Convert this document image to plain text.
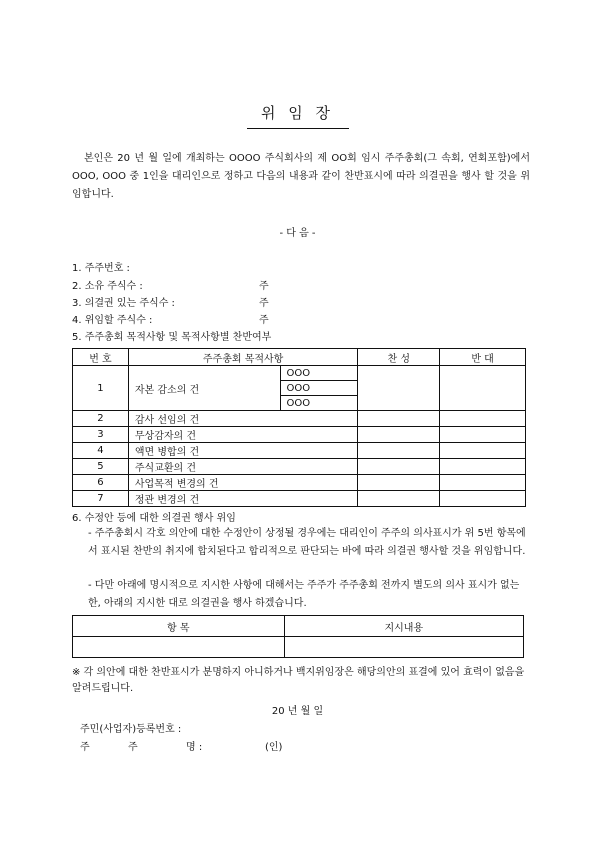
위 임 장
본인은 20 년 월 일에 개최하는 OOOO 주식회사의 제 OO회 임시 주주총회(그 속회, 연회포함)에서 OOO, OOO 중 1인을 대리인으로 정하고 다음의 내용과 같이 찬반표시에 따라 의결권을 행사 할 것을 위임합니다.
- 다 음 -
1. 주주번호 :
2. 소유 주식수 :	주
3. 의결권 있는 주식수 :	주
4. 위임할 주식수 :	주
5. 주주총회 목적사항 및 목적사항별 찬반여부
번 호	주주총회 목적사항		찬 성	반 대
1	자본 감소의 건	OOO		
		OOO		
		OOO		
2	감사 선임의 건			
3	무상감자의 건			
4	액면 병합의 건			
5	주식교환의 건			
6	사업목적 변경의 건			
7	정관 변경의 건			
6. 수정안 등에 대한 의결권 행사 위임
- 주주총회시 각호 의안에 대한 수정안이 상정될 경우에는 대리인이 주주의 의사표시가 위 5번 항목에서 표시된 찬반의 취지에 합치된다고 합리적으로 판단되는 바에 따라 의결권 행사할 것을 위임합니다.
- 다만 아래에 명시적으로 지시한 사항에 대해서는 주주가 주주총회 전까지 별도의 의사 표시가 없는 한, 아래의 지시한 대로 의결권을 행사 하겠습니다.
항 목	지시내용

※ 각 의안에 대한 찬반표시가 분명하지 아니하거나 백지위임장은 해당의안의 표결에 있어 효력이 없음을 알려드립니다.
20 년 월 일
주민(사업자)등록번호 :
주	주	명 :	(인)
